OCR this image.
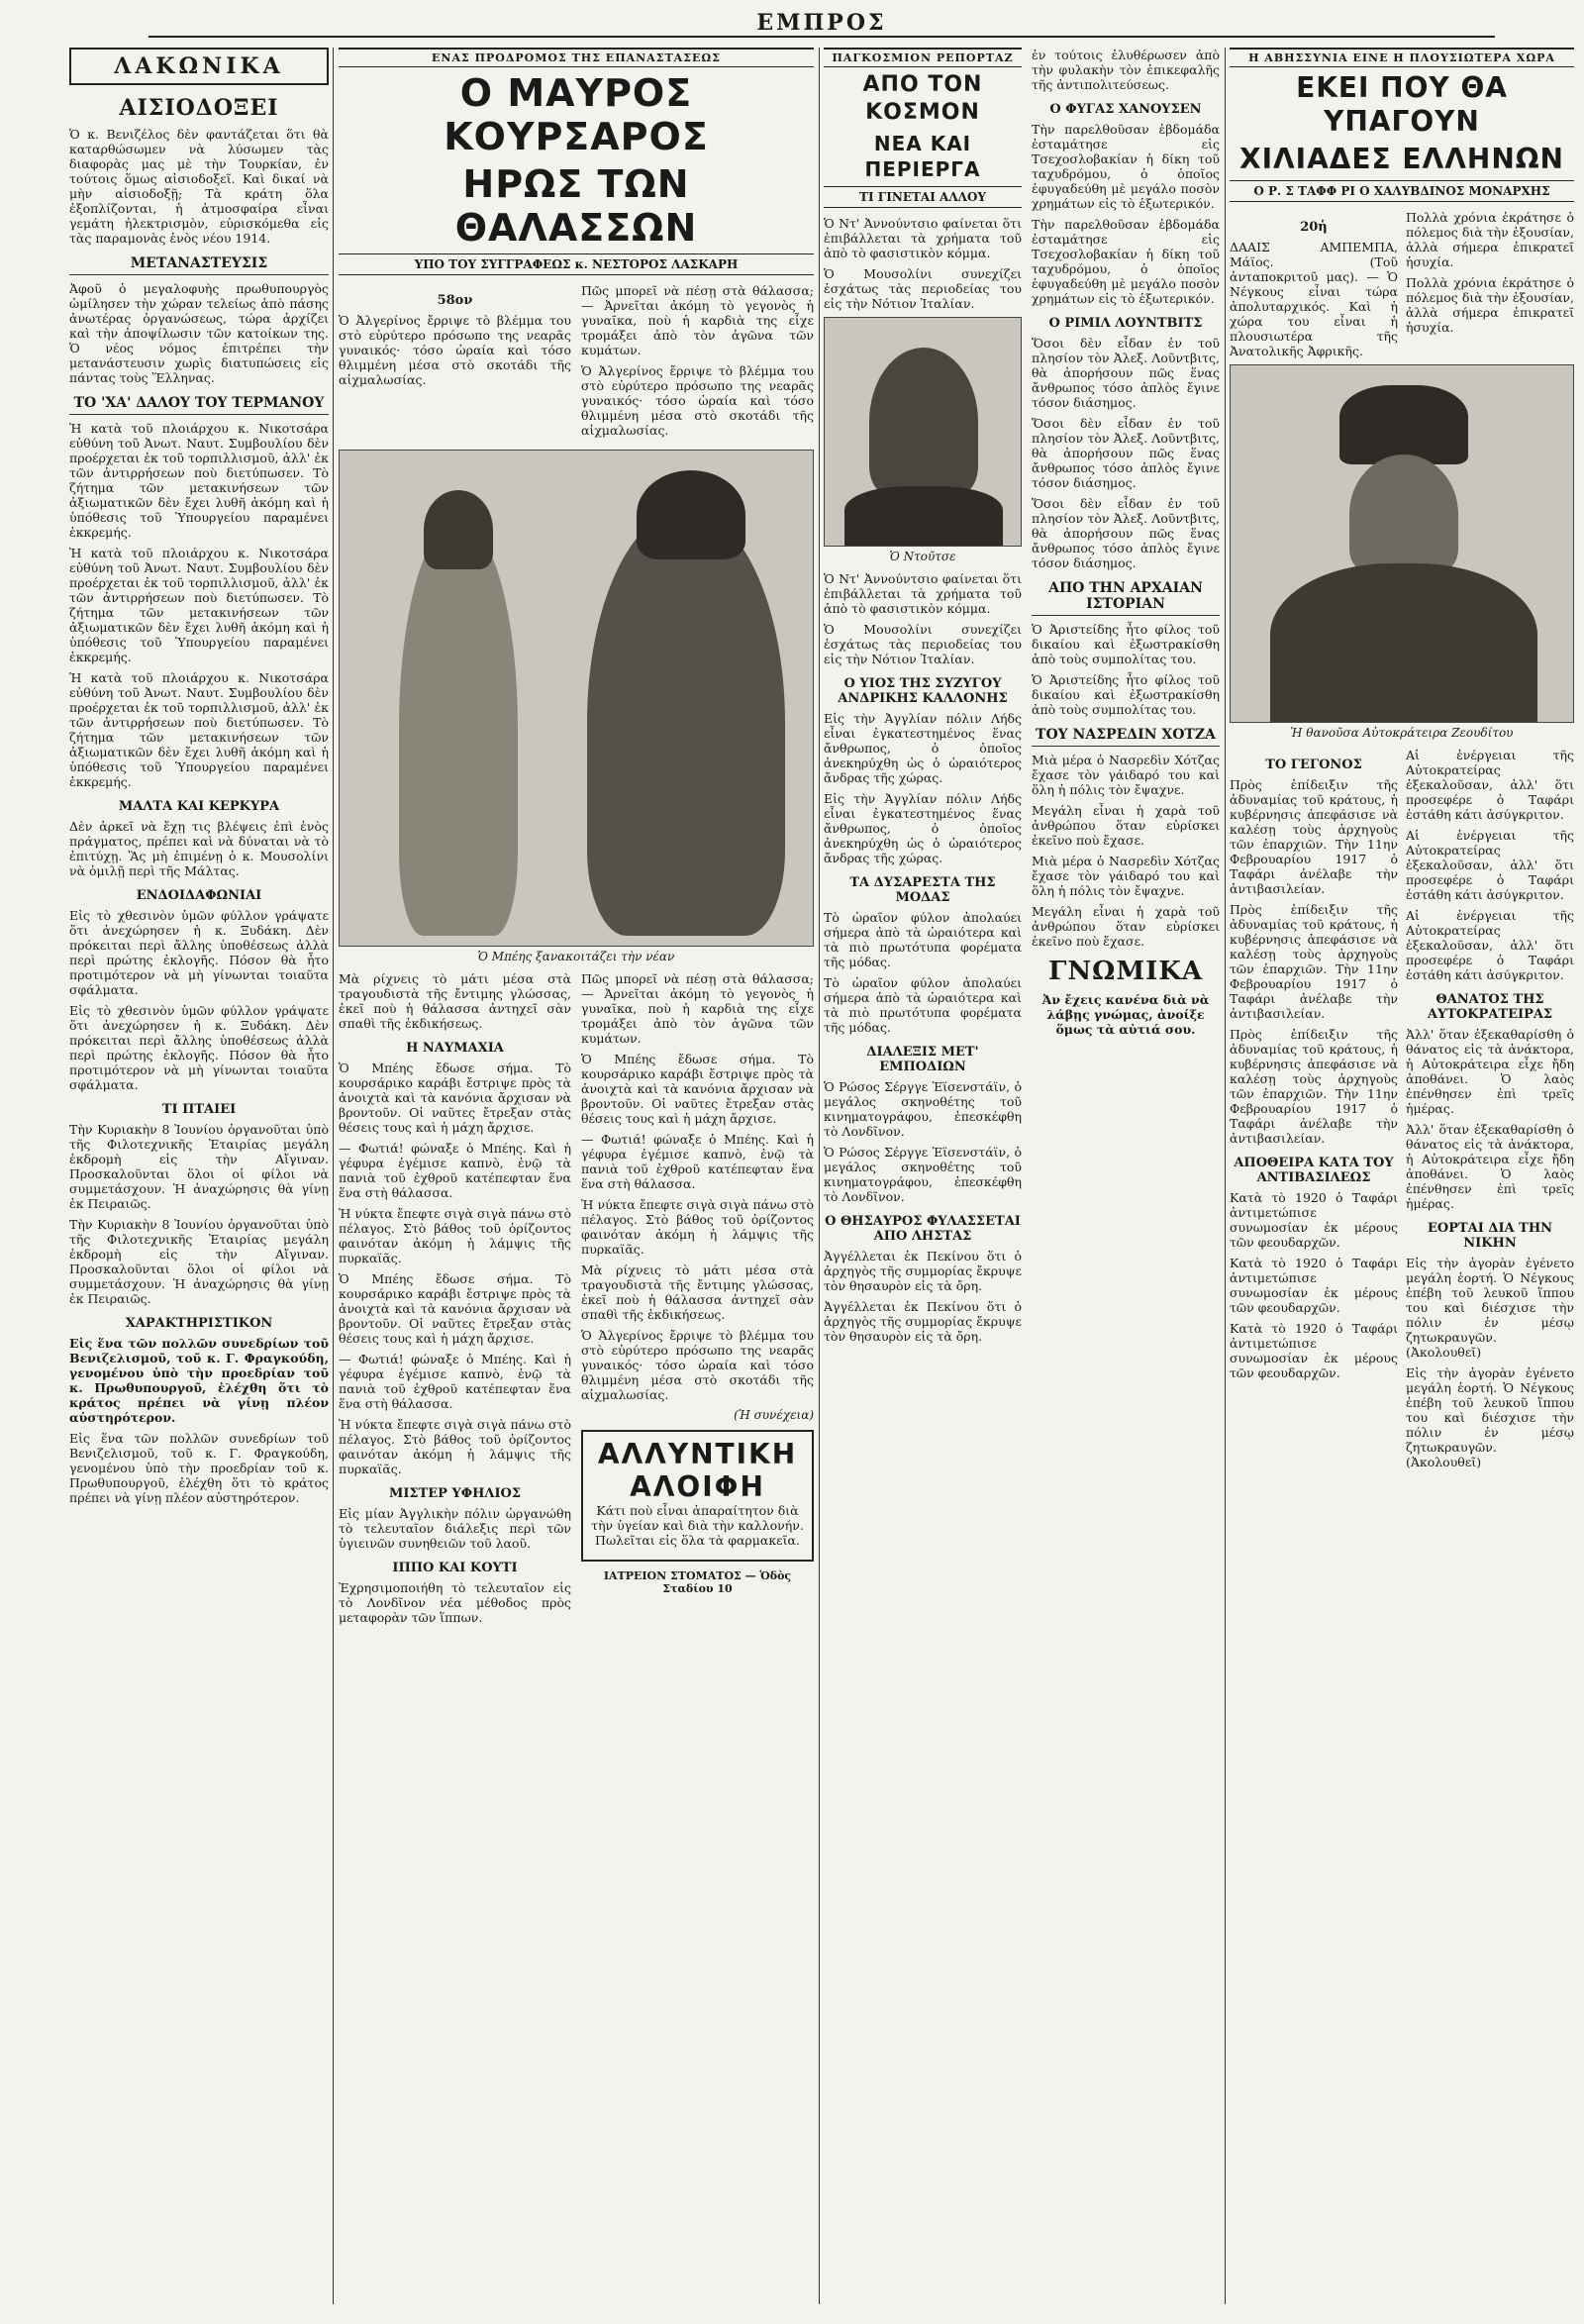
ΕΜΠΡΟΣ
ΛΑΚΩΝΙΚΑ
ΑΙΣΙΟΔΟΞΕΙ

Ὁ κ. Βενιζέλος δὲν φαντάζεται ὅτι θὰ καταρθώσωμεν νὰ λύσωμεν τὰς διαφορὰς μας μὲ τὴν Τουρκίαν, ἐν τούτοις ὅμως αἰσιοδοξεῖ. Καὶ δικαί νὰ μὴν αἰσιοδοξῇ; Τὰ κράτη ὅλα ἐξοπλίζονται, ἡ ἀτμοσφαίρα εἶναι γεμάτη ἠλεκτρισμὸν, εὐρισκόμεθα εἰς τὰς παραμονὰς ἑνὸς νέου 1914.

ΜΕΤΑΝΑΣΤΕΥΣΙΣ

Ἀφοῦ ὁ μεγαλοφυὴς πρωθυπουργὸς ὡμίλησεν τὴν χώραν τελείως ἀπὸ πάσης ἀνωτέρας ὀργανώσεως, τώρα ἀρχίζει καὶ τὴν ἀποψίλωσιν τῶν κατοίκων της. Ὁ νέος νόμος ἐπιτρέπει τὴν μετανάστευσιν χωρὶς διατυπώσεις εἰς πάντας τοὺς Ἕλληνας.

ΤΟ 'ΧΑ' ΔΑΛΟΥ ΤΟΥ ΤΕΡΜΑΝΟΥ

Ἡ κατὰ τοῦ πλοιάρχου κ. Νικοτσάρα εὐθύνη τοῦ Ἀνωτ. Ναυτ. Συμβουλίου δὲν προέρχεται ἐκ τοῦ τορπιλλισμοῦ, ἀλλ' ἐκ τῶν ἀντιρρήσεων ποὺ διετύπωσεν. Τὸ ζήτημα τῶν μετακινήσεων τῶν ἀξιωματικῶν δὲν ἔχει λυθῆ ἀκόμη καὶ ἡ ὑπόθεσις τοῦ Ὑπουργείου παραμένει ἐκκρεμής.

Ἡ κατὰ τοῦ πλοιάρχου κ. Νικοτσάρα εὐθύνη τοῦ Ἀνωτ. Ναυτ. Συμβουλίου δὲν προέρχεται ἐκ τοῦ τορπιλλισμοῦ, ἀλλ' ἐκ τῶν ἀντιρρήσεων ποὺ διετύπωσεν. Τὸ ζήτημα τῶν μετακινήσεων τῶν ἀξιωματικῶν δὲν ἔχει λυθῆ ἀκόμη καὶ ἡ ὑπόθεσις τοῦ Ὑπουργείου παραμένει ἐκκρεμής.

Ἡ κατὰ τοῦ πλοιάρχου κ. Νικοτσάρα εὐθύνη τοῦ Ἀνωτ. Ναυτ. Συμβουλίου δὲν προέρχεται ἐκ τοῦ τορπιλλισμοῦ, ἀλλ' ἐκ τῶν ἀντιρρήσεων ποὺ διετύπωσεν. Τὸ ζήτημα τῶν μετακινήσεων τῶν ἀξιωματικῶν δὲν ἔχει λυθῆ ἀκόμη καὶ ἡ ὑπόθεσις τοῦ Ὑπουργείου παραμένει ἐκκρεμής.

ΜΑΛΤΑ ΚΑΙ ΚΕΡΚΥΡΑ

Δὲν ἀρκεῖ νὰ ἔχῃ τις βλέψεις ἐπὶ ἑνὸς πράγματος, πρέπει καὶ νὰ δύναται νὰ τὸ ἐπιτύχῃ. Ἂς μὴ ἐπιμένῃ ὁ κ. Μουσολίνι νὰ ὁμιλῇ περὶ τῆς Μάλτας.

ΕΝΔΟΙΔΑΦΩΝΙΑΙ

Εἰς τὸ χθεσινὸν ὑμῶν φύλλον γράψατε ὅτι ἀνεχώρησεν ἡ κ. Ξυδάκη. Δὲν πρόκειται περὶ ἄλλης ὑποθέσεως ἀλλὰ περὶ πρώτης ἐκλογῆς. Πόσον θὰ ἦτο προτιμότερον νὰ μὴ γίνωνται τοιαῦτα σφάλματα.

Εἰς τὸ χθεσινὸν ὑμῶν φύλλον γράψατε ὅτι ἀνεχώρησεν ἡ κ. Ξυδάκη. Δὲν πρόκειται περὶ ἄλλης ὑποθέσεως ἀλλὰ περὶ πρώτης ἐκλογῆς. Πόσον θὰ ἦτο προτιμότερον νὰ μὴ γίνωνται τοιαῦτα σφάλματα.

ΤΙ ΠΤΑΙΕΙ

Τὴν Κυριακὴν 8 Ἰουνίου ὀργανοῦται ὑπὸ τῆς Φιλοτεχνικῆς Ἑταιρίας μεγάλη ἐκδρομὴ εἰς τὴν Αἴγιναν. Προσκαλοῦνται ὅλοι οἱ φίλοι νὰ συμμετάσχουν. Ἡ ἀναχώρησις θὰ γίνῃ ἐκ Πειραιῶς.

Τὴν Κυριακὴν 8 Ἰουνίου ὀργανοῦται ὑπὸ τῆς Φιλοτεχνικῆς Ἑταιρίας μεγάλη ἐκδρομὴ εἰς τὴν Αἴγιναν. Προσκαλοῦνται ὅλοι οἱ φίλοι νὰ συμμετάσχουν. Ἡ ἀναχώρησις θὰ γίνῃ ἐκ Πειραιῶς.

ΧΑΡΑΚΤΗΡΙΣΤΙΚΟΝ

Εἰς ἕνα τῶν πολλῶν συνεδρίων τοῦ Βενιζελισμοῦ, τοῦ κ. Γ. Φραγκούδη, γενομένου ὑπὸ τὴν προεδρίαν τοῦ κ. Πρωθυπουργοῦ, ἐλέχθη ὅτι τὸ κράτος πρέπει νὰ γίνῃ πλέον αὐστηρότερον.

Εἰς ἕνα τῶν πολλῶν συνεδρίων τοῦ Βενιζελισμοῦ, τοῦ κ. Γ. Φραγκούδη, γενομένου ὑπὸ τὴν προεδρίαν τοῦ κ. Πρωθυπουργοῦ, ἐλέχθη ὅτι τὸ κράτος πρέπει νὰ γίνῃ πλέον αὐστηρότερον.

ΕΝΑΣ ΠΡΟΔΡΟΜΟΣ ΤΗΣ ΕΠΑΝΑΣΤΑΣΕΩΣ
Ο ΜΑΥΡΟΣ ΚΟΥΡΣΑΡΟΣ
ΗΡΩΣ ΤΩΝ ΘΑΛΑΣΣΩΝ
ΥΠΟ ΤΟΥ ΣΥΓΓΡΑΦΕΩΣ κ. ΝΕΣΤΟΡΟΣ ΛΑΣΚΑΡΗ
58ον

Ὁ Ἀλγερίνος ἔρριψε τὸ βλέμμα του στὸ εὐρύτερο πρόσωπο της νεαρᾶς γυναικός· τόσο ὡραία καὶ τόσο θλιμμένη μέσα στὸ σκοτάδι τῆς αἰχμαλωσίας.

Πῶς μπορεῖ νὰ πέσῃ στὰ θάλασσα; — Ἀρνεῖται ἀκόμη τὸ γεγονὸς ἡ γυναῖκα, ποὺ ἡ καρδιὰ της εἶχε τρομάξει ἀπὸ τὸν ἀγῶνα τῶν κυμάτων.

Ὁ Ἀλγερίνος ἔρριψε τὸ βλέμμα του στὸ εὐρύτερο πρόσωπο της νεαρᾶς γυναικός· τόσο ὡραία καὶ τόσο θλιμμένη μέσα στὸ σκοτάδι τῆς αἰχμαλωσίας.

Ὁ Μπέης ξανακοιτάζει τὴν νέαν

Μὰ ρίχνεις τὸ μάτι μέσα στὰ τραγουδιστὰ τῆς ἔντιμης γλώσσας, ἐκεῖ ποὺ ἡ θάλασσα ἀντηχεῖ σὰν σπαθὶ τῆς ἐκδικήσεως.

Η ΝΑΥΜΑΧΙΑ

Ὁ Μπέης ἔδωσε σήμα. Τὸ κουρσάρικο καράβι ἔστριψε πρὸς τὰ ἀνοιχτὰ καὶ τὰ κανόνια ἄρχισαν νὰ βροντοῦν. Οἱ ναῦτες ἔτρεξαν στὰς θέσεις τους καὶ ἡ μάχη ἄρχισε.

— Φωτιά! φώναξε ὁ Μπέης. Καὶ ἡ γέφυρα ἐγέμισε καπνὸ, ἐνῷ τὰ πανιὰ τοῦ ἐχθροῦ κατέπεφταν ἕνα ἕνα στὴ θάλασσα.

Ἡ νύκτα ἔπεφτε σιγὰ σιγὰ πάνω στὸ πέλαγος. Στὸ βάθος τοῦ ὁρίζοντος φαινόταν ἀκόμη ἡ λάμψις τῆς πυρκαϊᾶς.

Ὁ Μπέης ἔδωσε σήμα. Τὸ κουρσάρικο καράβι ἔστριψε πρὸς τὰ ἀνοιχτὰ καὶ τὰ κανόνια ἄρχισαν νὰ βροντοῦν. Οἱ ναῦτες ἔτρεξαν στὰς θέσεις τους καὶ ἡ μάχη ἄρχισε.

— Φωτιά! φώναξε ὁ Μπέης. Καὶ ἡ γέφυρα ἐγέμισε καπνὸ, ἐνῷ τὰ πανιὰ τοῦ ἐχθροῦ κατέπεφταν ἕνα ἕνα στὴ θάλασσα.

Ἡ νύκτα ἔπεφτε σιγὰ σιγὰ πάνω στὸ πέλαγος. Στὸ βάθος τοῦ ὁρίζοντος φαινόταν ἀκόμη ἡ λάμψις τῆς πυρκαϊᾶς.

ΜΙΣΤΕΡ ΥΦΗΛΙΟΣ

Εἰς μίαν Ἀγγλικὴν πόλιν ὠργανώθη τὸ τελευταῖον διάλεξις περὶ τῶν ὑγιεινῶν συνηθειῶν τοῦ λαοῦ.

ΙΠΠΟ ΚΑΙ ΚΟΥΤΙ

Ἐχρησιμοποιήθη τὸ τελευταῖον εἰς τὸ Λονδῖνον νέα μέθοδος πρὸς μεταφορὰν τῶν ἵππων.

Πῶς μπορεῖ νὰ πέσῃ στὰ θάλασσα; — Ἀρνεῖται ἀκόμη τὸ γεγονὸς ἡ γυναῖκα, ποὺ ἡ καρδιὰ της εἶχε τρομάξει ἀπὸ τὸν ἀγῶνα τῶν κυμάτων.

Ὁ Μπέης ἔδωσε σήμα. Τὸ κουρσάρικο καράβι ἔστριψε πρὸς τὰ ἀνοιχτὰ καὶ τὰ κανόνια ἄρχισαν νὰ βροντοῦν. Οἱ ναῦτες ἔτρεξαν στὰς θέσεις τους καὶ ἡ μάχη ἄρχισε.

— Φωτιά! φώναξε ὁ Μπέης. Καὶ ἡ γέφυρα ἐγέμισε καπνὸ, ἐνῷ τὰ πανιὰ τοῦ ἐχθροῦ κατέπεφταν ἕνα ἕνα στὴ θάλασσα.

Ἡ νύκτα ἔπεφτε σιγὰ σιγὰ πάνω στὸ πέλαγος. Στὸ βάθος τοῦ ὁρίζοντος φαινόταν ἀκόμη ἡ λάμψις τῆς πυρκαϊᾶς.

Μὰ ρίχνεις τὸ μάτι μέσα στὰ τραγουδιστὰ τῆς ἔντιμης γλώσσας, ἐκεῖ ποὺ ἡ θάλασσα ἀντηχεῖ σὰν σπαθὶ τῆς ἐκδικήσεως.

Ὁ Ἀλγερίνος ἔρριψε τὸ βλέμμα του στὸ εὐρύτερο πρόσωπο της νεαρᾶς γυναικός· τόσο ὡραία καὶ τόσο θλιμμένη μέσα στὸ σκοτάδι τῆς αἰχμαλωσίας.

(Ἡ συνέχεια)
ΑΛΛΥΝΤΙΚΗ
ΑΛΟΙΦΗ

Κάτι ποὺ εἶναι ἀπαραίτητον διὰ τὴν ὑγείαν καὶ διὰ τὴν καλλονήν. Πωλεῖται εἰς ὅλα τὰ φαρμακεῖα.

ΙΑΤΡΕΙΟΝ ΣΤΟΜΑΤΟΣ — Ὁδὸς Σταδίου 10
ΠΑΓΚΟΣΜΙΟΝ ΡΕΠΟΡΤΑΖ
ΑΠΟ ΤΟΝ ΚΟΣΜΟΝ
ΝΕΑ ΚΑΙ ΠΕΡΙΕΡΓΑ
ΤΙ ΓΙΝΕΤΑΙ ΑΛΛΟΥ

Ὁ Ντ' Ἀννούντσιο φαίνεται ὅτι ἐπιβάλλεται τὰ χρήματα τοῦ ἀπὸ τὸ φασιστικὸν κόμμα.

Ὁ Μουσολίνι συνεχίζει ἐσχάτως τὰς περιοδείας του εἰς τὴν Νότιον Ἰταλίαν.

Ὁ Ντοῦτσε

Ὁ Ντ' Ἀννούντσιο φαίνεται ὅτι ἐπιβάλλεται τὰ χρήματα τοῦ ἀπὸ τὸ φασιστικὸν κόμμα.

Ὁ Μουσολίνι συνεχίζει ἐσχάτως τὰς περιοδείας του εἰς τὴν Νότιον Ἰταλίαν.

Ο ΥΙΟΣ ΤΗΣ ΣΥΖΥΓΟΥ ΑΝΔΡΙΚΗΣ ΚΑΛΛΟΝΗΣ

Εἰς τὴν Ἀγγλίαν πόλιν Λήδς εἶναι ἐγκατεστημένος ἕνας ἄνθρωπος, ὁ ὁποῖος ἀνεκηρύχθη ὡς ὁ ὡραιότερος ἄνδρας τῆς χώρας.

Εἰς τὴν Ἀγγλίαν πόλιν Λήδς εἶναι ἐγκατεστημένος ἕνας ἄνθρωπος, ὁ ὁποῖος ἀνεκηρύχθη ὡς ὁ ὡραιότερος ἄνδρας τῆς χώρας.

ΤΑ ΔΥΣΑΡΕΣΤΑ ΤΗΣ ΜΟΔΑΣ

Τὸ ὡραῖον φύλον ἀπολαύει σήμερα ἀπὸ τὰ ὡραιότερα καὶ τὰ πιὸ πρωτότυπα φορέματα τῆς μόδας.

Τὸ ὡραῖον φύλον ἀπολαύει σήμερα ἀπὸ τὰ ὡραιότερα καὶ τὰ πιὸ πρωτότυπα φορέματα τῆς μόδας.

ΔΙΑΛΕΞΙΣ ΜΕΤ' ΕΜΠΟΔΙΩΝ

Ὁ Ρώσος Σέργγε Ἐϊσενστάϊν, ὁ μεγάλος σκηνοθέτης τοῦ κινηματογράφου, ἐπεσκέφθη τὸ Λονδῖνον.

Ὁ Ρώσος Σέργγε Ἐϊσενστάϊν, ὁ μεγάλος σκηνοθέτης τοῦ κινηματογράφου, ἐπεσκέφθη τὸ Λονδῖνον.

Ο ΘΗΣΑΥΡΟΣ ΦΥΛΑΣΣΕΤΑΙ ΑΠΟ ΛΗΣΤΑΣ

Ἀγγέλλεται ἐκ Πεκίνου ὅτι ὁ ἀρχηγὸς τῆς συμμορίας ἔκρυψε τὸν θησαυρὸν εἰς τὰ ὄρη.

Ἀγγέλλεται ἐκ Πεκίνου ὅτι ὁ ἀρχηγὸς τῆς συμμορίας ἔκρυψε τὸν θησαυρὸν εἰς τὰ ὄρη.

ἐν τούτοις ἐλυθέρωσεν ἀπὸ τὴν φυλακὴν τὸν ἐπικεφαλῆς τῆς ἀντιπολιτεύσεως.

Ο ΦΥΓΑΣ ΧΑΝΟΥΣΕΝ

Τὴν παρελθοῦσαν ἑβδομάδα ἐσταμάτησε εἰς Τσεχοσλοβακίαν ἡ δίκη τοῦ ταχυδρόμου, ὁ ὁποῖος ἐφυγαδεύθη μὲ μεγάλο ποσὸν χρημάτων εἰς τὸ ἐξωτερικόν.

Τὴν παρελθοῦσαν ἑβδομάδα ἐσταμάτησε εἰς Τσεχοσλοβακίαν ἡ δίκη τοῦ ταχυδρόμου, ὁ ὁποῖος ἐφυγαδεύθη μὲ μεγάλο ποσὸν χρημάτων εἰς τὸ ἐξωτερικόν.

Ο ΡΙΜΙΛ ΛΟΥΝΤΒΙΤΣ

Ὅσοι δὲν εἶδαν ἐν τοῦ πλησίον τὸν Ἀλεξ. Λοῦντβιτς, θὰ ἀπορήσουν πῶς ἕνας ἄνθρωπος τόσο ἀπλὸς ἔγινε τόσον διάσημος.

Ὅσοι δὲν εἶδαν ἐν τοῦ πλησίον τὸν Ἀλεξ. Λοῦντβιτς, θὰ ἀπορήσουν πῶς ἕνας ἄνθρωπος τόσο ἀπλὸς ἔγινε τόσον διάσημος.

Ὅσοι δὲν εἶδαν ἐν τοῦ πλησίον τὸν Ἀλεξ. Λοῦντβιτς, θὰ ἀπορήσουν πῶς ἕνας ἄνθρωπος τόσο ἀπλὸς ἔγινε τόσον διάσημος.

ΑΠΟ ΤΗΝ ΑΡΧΑΙΑΝ ΙΣΤΟΡΙΑΝ

Ὁ Ἀριστείδης ἦτο φίλος τοῦ δικαίου καὶ ἐξωστρακίσθη ἀπὸ τοὺς συμπολίτας του.

Ὁ Ἀριστείδης ἦτο φίλος τοῦ δικαίου καὶ ἐξωστρακίσθη ἀπὸ τοὺς συμπολίτας του.

ΤΟΥ ΝΑΣΡΕΔΙΝ ΧΟΤΖΑ

Μιὰ μέρα ὁ Νασρεδὶν Χότζας ἔχασε τὸν γάιδαρό του καὶ ὅλη ἡ πόλις τὸν ἔψαχνε.

Μεγάλη εἶναι ἡ χαρὰ τοῦ ἀνθρώπου ὅταν εὑρίσκει ἐκεῖνο ποὺ ἔχασε.

Μιὰ μέρα ὁ Νασρεδὶν Χότζας ἔχασε τὸν γάιδαρό του καὶ ὅλη ἡ πόλις τὸν ἔψαχνε.

Μεγάλη εἶναι ἡ χαρὰ τοῦ ἀνθρώπου ὅταν εὑρίσκει ἐκεῖνο ποὺ ἔχασε.

ΓΝΩΜΙΚΑ

Ἀν ἔχεις κανένα διὰ νὰ λάβῃς γνώμας, ἀνοίξε ὅμως τὰ αὐτιά σου.

Η ΑΒΗΣΣΥΝΙΑ ΕΙΝΕ Η ΠΛΟΥΣΙΩΤΕΡΑ ΧΩΡΑ
ΕΚΕΙ ΠΟΥ ΘΑ ΥΠΑΓΟΥΝ
ΧΙΛΙΑΔΕΣ ΕΛΛΗΝΩΝ
Ο Ρ. Σ ΤΑΦΦ ΡΙ Ο ΧΑΛΥΒΔΙΝΟΣ ΜΟΝΑΡΧΗΣ
20ἡ

ΔΑΑΙΣ ΑΜΠΕΜΠΑ, Μάϊος. (Τοῦ ἀνταποκριτοῦ μας). — Ὁ Νέγκους εἶναι τώρα ἀπολυταρχικός. Καὶ ἡ χώρα του εἶναι ἡ πλουσιωτέρα τῆς Ἀνατολικῆς Ἀφρικῆς.

Πολλὰ χρόνια ἐκράτησε ὁ πόλεμος διὰ τὴν ἐξουσίαν, ἀλλὰ σήμερα ἐπικρατεῖ ἡσυχία.

Πολλὰ χρόνια ἐκράτησε ὁ πόλεμος διὰ τὴν ἐξουσίαν, ἀλλὰ σήμερα ἐπικρατεῖ ἡσυχία.

Ἡ θανοῦσα Αὐτοκράτειρα Ζεουδίτου
ΤΟ ΓΕΓΟΝΟΣ

Πρὸς ἐπίδειξιν τῆς ἀδυναμίας τοῦ κράτους, ἡ κυβέρνησις ἀπεφάσισε νὰ καλέσῃ τοὺς ἀρχηγοὺς τῶν ἐπαρχιῶν. Τὴν 11ην Φεβρουαρίου 1917 ὁ Ταφάρι ἀνέλαβε τὴν ἀντιβασιλείαν.

Πρὸς ἐπίδειξιν τῆς ἀδυναμίας τοῦ κράτους, ἡ κυβέρνησις ἀπεφάσισε νὰ καλέσῃ τοὺς ἀρχηγοὺς τῶν ἐπαρχιῶν. Τὴν 11ην Φεβρουαρίου 1917 ὁ Ταφάρι ἀνέλαβε τὴν ἀντιβασιλείαν.

Πρὸς ἐπίδειξιν τῆς ἀδυναμίας τοῦ κράτους, ἡ κυβέρνησις ἀπεφάσισε νὰ καλέσῃ τοὺς ἀρχηγοὺς τῶν ἐπαρχιῶν. Τὴν 11ην Φεβρουαρίου 1917 ὁ Ταφάρι ἀνέλαβε τὴν ἀντιβασιλείαν.

ΑΠΟΘΕΙΡΑ ΚΑΤΑ ΤΟΥ ΑΝΤΙΒΑΣΙΛΕΩΣ

Κατὰ τὸ 1920 ὁ Ταφάρι ἀντιμετώπισε συνωμοσίαν ἐκ μέρους τῶν φεουδαρχῶν.

Κατὰ τὸ 1920 ὁ Ταφάρι ἀντιμετώπισε συνωμοσίαν ἐκ μέρους τῶν φεουδαρχῶν.

Κατὰ τὸ 1920 ὁ Ταφάρι ἀντιμετώπισε συνωμοσίαν ἐκ μέρους τῶν φεουδαρχῶν.

Αἱ ἐνέργειαι τῆς Αὐτοκρατείρας ἐξεκαλοῦσαν, ἀλλ' ὅτι προσεφέρε ὁ Ταφάρι ἐστάθη κάτι ἀσύγκριτον.

Αἱ ἐνέργειαι τῆς Αὐτοκρατείρας ἐξεκαλοῦσαν, ἀλλ' ὅτι προσεφέρε ὁ Ταφάρι ἐστάθη κάτι ἀσύγκριτον.

Αἱ ἐνέργειαι τῆς Αὐτοκρατείρας ἐξεκαλοῦσαν, ἀλλ' ὅτι προσεφέρε ὁ Ταφάρι ἐστάθη κάτι ἀσύγκριτον.

ΘΑΝΑΤΟΣ ΤΗΣ ΑΥΤΟΚΡΑΤΕΙΡΑΣ

Ἀλλ' ὅταν ἐξεκαθαρίσθη ὁ θάνατος εἰς τὰ ἀνάκτορα, ἡ Αὐτοκράτειρα εἶχε ἤδη ἀποθάνει. Ὁ λαὸς ἐπένθησεν ἐπὶ τρεῖς ἡμέρας.

Ἀλλ' ὅταν ἐξεκαθαρίσθη ὁ θάνατος εἰς τὰ ἀνάκτορα, ἡ Αὐτοκράτειρα εἶχε ἤδη ἀποθάνει. Ὁ λαὸς ἐπένθησεν ἐπὶ τρεῖς ἡμέρας.

ΕΟΡΤΑΙ ΔΙΑ ΤΗΝ ΝΙΚΗΝ

Εἰς τὴν ἀγορὰν ἐγένετο μεγάλη ἑορτή. Ὁ Νέγκους ἐπέβη τοῦ λευκοῦ ἵππου του καὶ διέσχισε τὴν πόλιν ἐν μέσῳ ζητωκραυγῶν. (Ἀκολουθεῖ)

Εἰς τὴν ἀγορὰν ἐγένετο μεγάλη ἑορτή. Ὁ Νέγκους ἐπέβη τοῦ λευκοῦ ἵππου του καὶ διέσχισε τὴν πόλιν ἐν μέσῳ ζητωκραυγῶν. (Ἀκολουθεῖ)
